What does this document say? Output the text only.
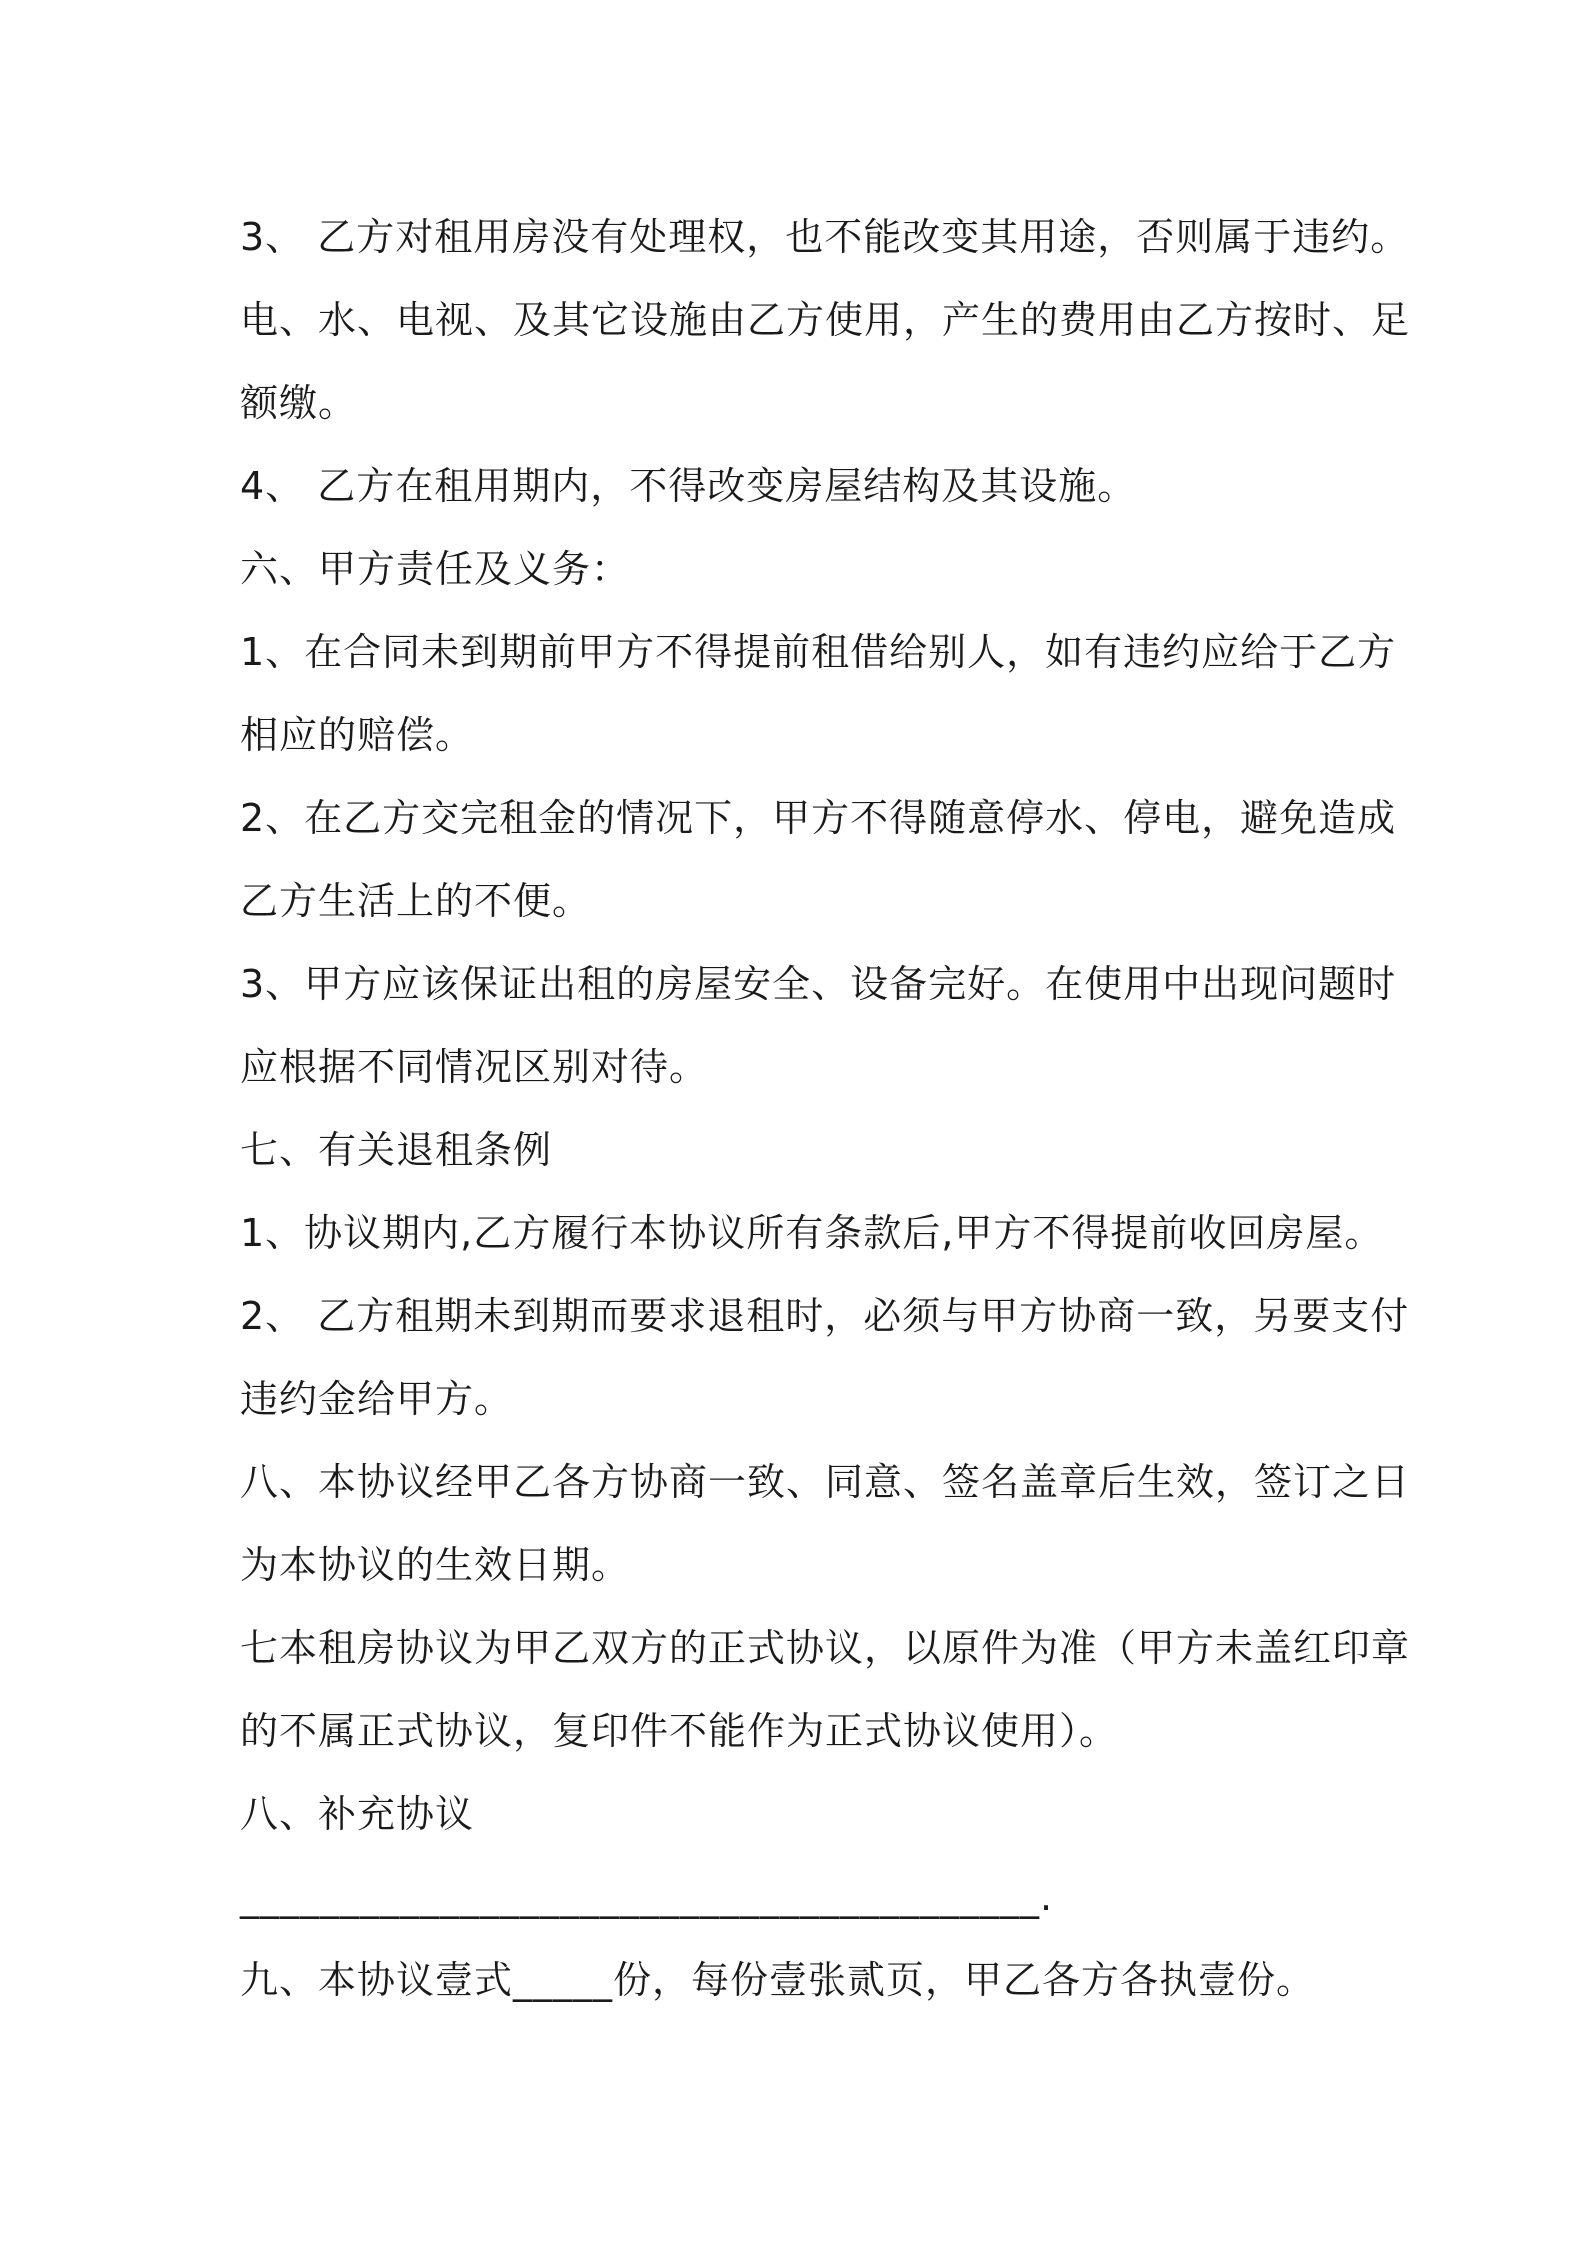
3、 乙方对租用房没有处理权，也不能改变其用途，否则属于违约。
电、水、电视、及其它设施由乙方使用，产生的费用由乙方按时、足
额缴。
4、 乙方在租用期内，不得改变房屋结构及其设施。
六、甲方责任及义务：
1、在合同未到期前甲方不得提前租借给别人，如有违约应给于乙方
相应的赔偿。
2、在乙方交完租金的情况下，甲方不得随意停水、停电，避免造成
乙方生活上的不便。
3、甲方应该保证出租的房屋安全、设备完好。在使用中出现问题时
应根据不同情况区别对待。
七、有关退租条例
1、协议期内,乙方履行本协议所有条款后,甲方不得提前收回房屋。
2、 乙方租期未到期而要求退租时，必须与甲方协商一致，另要支付
违约金给甲方。
八、本协议经甲乙各方协商一致、同意、签名盖章后生效，签订之日
为本协议的生效日期。
七本租房协议为甲乙双方的正式协议，以原件为准（甲方未盖红印章
的不属正式协议，复印件不能作为正式协议使用）。
八、补充协议
________________________________________.
九、本协议壹式_____份，每份壹张贰页，甲乙各方各执壹份。
